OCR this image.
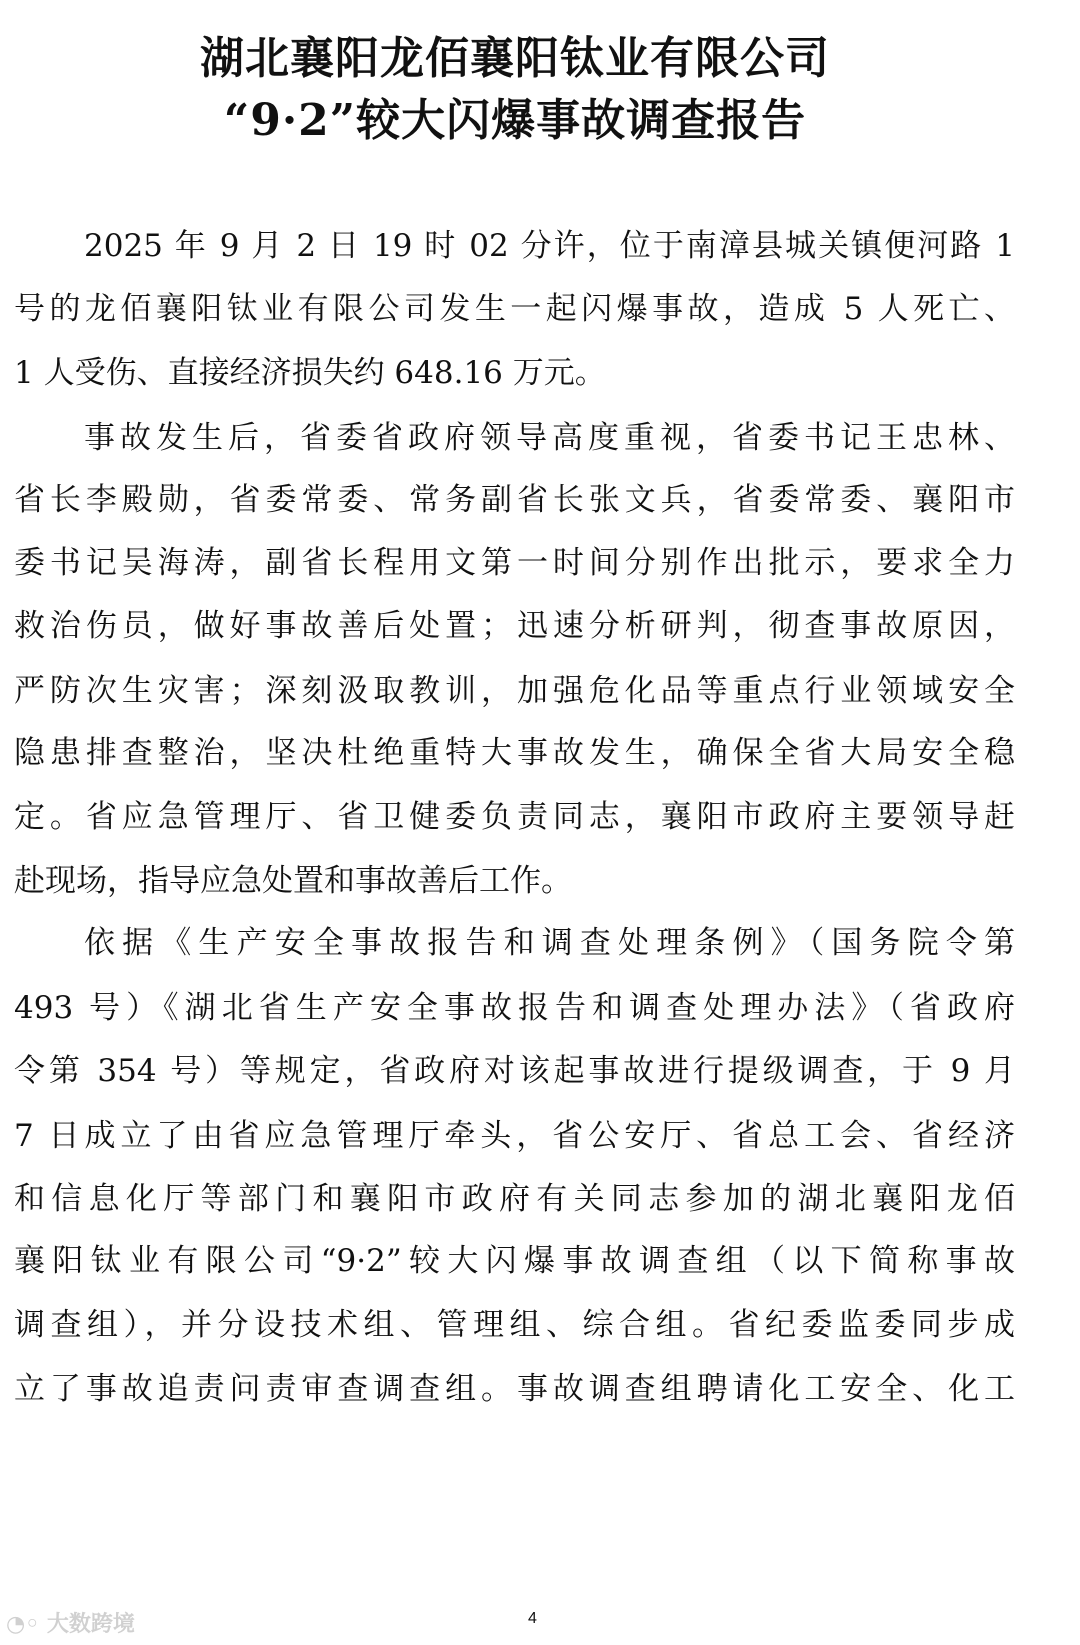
湖北襄阳龙佰襄阳钛业有限公司
“9·2”较大闪爆事故调查报告
2025 年 9 月 2 日 19 时 02 分许，位于南漳县城关镇便河路 1
号的龙佰襄阳钛业有限公司发生一起闪爆事故，造成 5 人死亡、
1 人受伤、直接经济损失约 648.16 万元。
事故发生后，省委省政府领导高度重视，省委书记王忠林、
省长李殿勋，省委常委、常务副省长张文兵，省委常委、襄阳市
委书记吴海涛，副省长程用文第一时间分别作出批示，要求全力
救治伤员，做好事故善后处置；迅速分析研判，彻查事故原因，
严防次生灾害；深刻汲取教训，加强危化品等重点行业领域安全
隐患排查整治，坚决杜绝重特大事故发生，确保全省大局安全稳
定。省应急管理厅、省卫健委负责同志，襄阳市政府主要领导赶
赴现场，指导应急处置和事故善后工作。
依据《生产安全事故报告和调查处理条例》（国务院令第
493 号）《湖北省生产安全事故报告和调查处理办法》（省政府
令第 354 号）等规定，省政府对该起事故进行提级调查，于 9 月
7 日成立了由省应急管理厅牵头，省公安厅、省总工会、省经济
和信息化厅等部门和襄阳市政府有关同志参加的湖北襄阳龙佰
襄阳钛业有限公司“9·2”较大闪爆事故调查组（以下简称事故
调查组），并分设技术组、管理组、综合组。省纪委监委同步成
立了事故追责问责审查调查组。事故调查组聘请化工安全、化工
◔◦ 大数跨境	4
